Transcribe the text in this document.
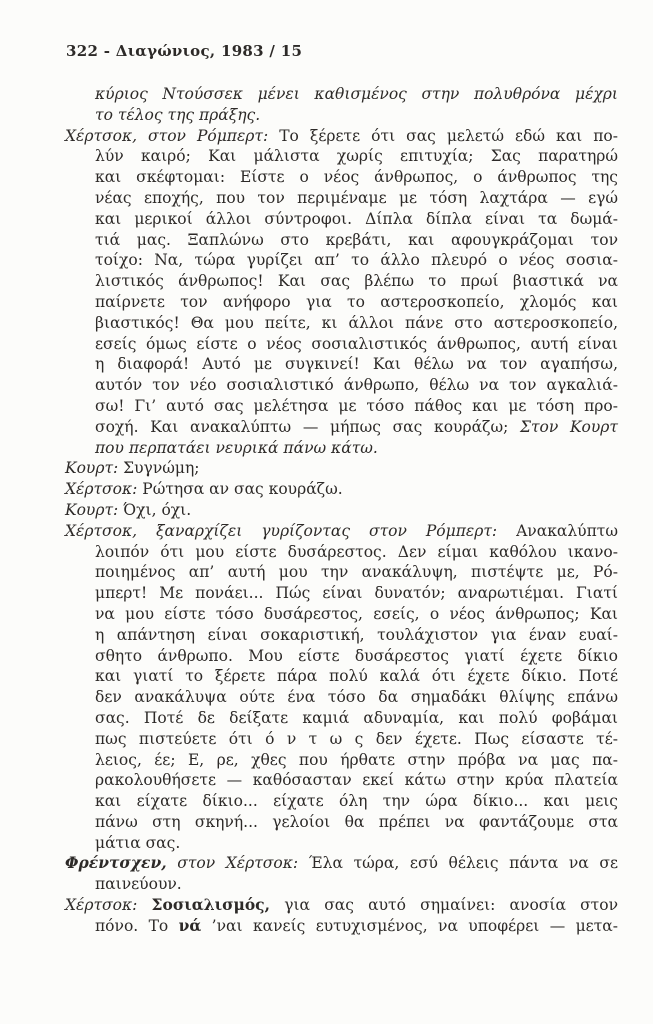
322 - Διαγώνιος, 1983 / 15
κύριος Ντούσσεκ μένει καθισμένος στην πολυθρόνα μέχρι
το τέλος της πράξης.
Χέρτσοκ, στον Ρόμπερτ: Το ξέρετε ότι σας μελετώ εδώ και πο-
λύν καιρό; Και μάλιστα χωρίς επιτυχία; Σας παρατηρώ
και σκέφτομαι: Είστε ο νέος άνθρωπος, ο άνθρωπος της
νέας εποχής, που τον περιμέναμε με τόση λαχτάρα — εγώ
και μερικοί άλλοι σύντροφοι. Δίπλα δίπλα είναι τα δωμά-
τιά μας. Ξαπλώνω στο κρεβάτι, και αφουγκράζομαι τον
τοίχο: Να, τώρα γυρίζει απ’ το άλλο πλευρό ο νέος σοσια-
λιστικός άνθρωπος! Και σας βλέπω το πρωί βιαστικά να
παίρνετε τον ανήφορο για το αστεροσκοπείο, χλομός και
βιαστικός! Θα μου πείτε, κι άλλοι πάνε στο αστεροσκοπείο,
εσείς όμως είστε ο νέος σοσιαλιστικός άνθρωπος, αυτή είναι
η διαφορά! Αυτό με συγκινεί! Και θέλω να τον αγαπήσω,
αυτόν τον νέο σοσιαλιστικό άνθρωπο, θέλω να τον αγκαλιά-
σω! Γι’ αυτό σας μελέτησα με τόσο πάθος και με τόση προ-
σοχή. Και ανακαλύπτω — μήπως σας κουράζω; Στον Κουρτ
που περπατάει νευρικά πάνω κάτω.
Κουρτ: Συγνώμη;
Χέρτσοκ: Ρώτησα αν σας κουράζω.
Κουρτ: Όχι, όχι.
Χέρτσοκ, ξαναρχίζει γυρίζοντας στον Ρόμπερτ: Ανακαλύπτω
λοιπόν ότι μου είστε δυσάρεστος. Δεν είμαι καθόλου ικανο-
ποιημένος απ’ αυτή μου την ανακάλυψη, πιστέψτε με, Ρό-
μπερτ! Με πονάει... Πώς είναι δυνατόν; αναρωτιέμαι. Γιατί
να μου είστε τόσο δυσάρεστος, εσείς, ο νέος άνθρωπος; Και
η απάντηση είναι σοκαριστική, τουλάχιστον για έναν ευαί-
σθητο άνθρωπο. Μου είστε δυσάρεστος γιατί έχετε δίκιο
και γιατί το ξέρετε πάρα πολύ καλά ότι έχετε δίκιο. Ποτέ
δεν ανακάλυψα ούτε ένα τόσο δα σημαδάκι θλίψης επάνω
σας. Ποτέ δε δείξατε καμιά αδυναμία, και πολύ φοβάμαι
πως πιστεύετε ότι ό ν τ ω ς δεν έχετε. Πως είσαστε τέ-
λειος, έε; Ε, ρε, χθες που ήρθατε στην πρόβα να μας πα-
ρακολουθήσετε — καθόσασταν εκεί κάτω στην κρύα πλατεία
και είχατε δίκιο... είχατε όλη την ώρα δίκιο... και μεις
πάνω στη σκηνή... γελοίοι θα πρέπει να φαντάζουμε στα
μάτια σας.
Φρέντσχεν, στον Χέρτσοκ: Έλα τώρα, εσύ θέλεις πάντα να σε
παινεύουν.
Χέρτσοκ: Σοσιαλισμός, για σας αυτό σημαίνει: ανοσία στον
πόνο. Το νά ’ναι κανείς ευτυχισμένος, να υποφέρει — μετα-
